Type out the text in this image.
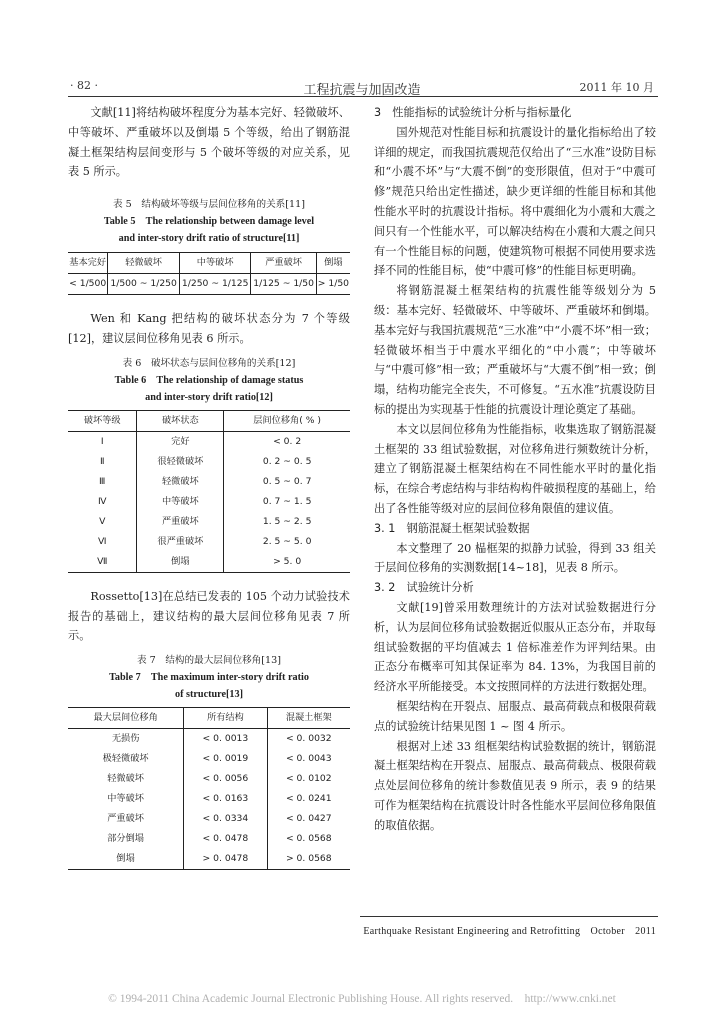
· 82 ·	工程抗震与加固改造	2011 年 10 月

文献[11]将结构破坏程度分为基本完好、轻微破坏、中等破坏、严重破坏以及倒塌 5 个等级，给出了钢筋混凝土框架结构层间变形与 5 个破坏等级的对应关系，见表 5 所示。

表 5　结构破坏等级与层间位移角的关系[11]

Table 5　The relationship between damage level

and inter-story drift ratio of structure[11]

基本完好	轻微破坏	中等破坏	严重破坏	倒塌
< 1/500	1/500 ~ 1/250	1/250 ~ 1/125	1/125 ~ 1/50	> 1/50

Wen 和 Kang 把结构的破坏状态分为 7 个等级[12]，建议层间位移角见表 6 所示。

表 6　破坏状态与层间位移角的关系[12]

Table 6　The relationship of damage status

and inter-story drift ratio[12]

破坏等级	破坏状态	层间位移角( % )
Ⅰ	完好	< 0. 2
Ⅱ	很轻微破坏	0. 2 ~ 0. 5
Ⅲ	轻微破坏	0. 5 ~ 0. 7
Ⅳ	中等破坏	0. 7 ~ 1. 5
Ⅴ	严重破坏	1. 5 ~ 2. 5
Ⅵ	很严重破坏	2. 5 ~ 5. 0
Ⅶ	倒塌	> 5. 0

Rossetto[13]在总结已发表的 105 个动力试验技术报告的基础上，建议结构的最大层间位移角见表 7 所示。

表 7　结构的最大层间位移角[13]

Table 7　The maximum inter-story drift ratio

of structure[13]

最大层间位移角	所有结构	混凝土框架
无损伤	< 0. 0013	< 0. 0032
极轻微破坏	< 0. 0019	< 0. 0043
轻微破坏	< 0. 0056	< 0. 0102
中等破坏	< 0. 0163	< 0. 0241
严重破坏	< 0. 0334	< 0. 0427
部分倒塌	< 0. 0478	< 0. 0568
倒塌	> 0. 0478	> 0. 0568

3　性能指标的试验统计分析与指标量化

国外规范对性能目标和抗震设计的量化指标给出了较详细的规定，而我国抗震规范仅给出了“三水准”设防目标和“小震不坏”与“大震不倒”的变形限值，但对于“中震可修”规范只给出定性描述，缺少更详细的性能目标和其他性能水平时的抗震设计指标。将中震细化为小震和大震之间只有一个性能水平，可以解决结构在小震和大震之间只有一个性能目标的问题，使建筑物可根据不同使用要求选择不同的性能目标，使“中震可修”的性能目标更明确。

将钢筋混凝土框架结构的抗震性能等级划分为 5 级：基本完好、轻微破坏、中等破坏、严重破坏和倒塌。基本完好与我国抗震规范“三水准”中“小震不坏”相一致；轻微破坏相当于中震水平细化的“中小震”；中等破坏与“中震可修”相一致；严重破坏与“大震不倒”相一致；倒塌，结构功能完全丧失，不可修复。“五水准”抗震设防目标的提出为实现基于性能的抗震设计理论奠定了基础。

本文以层间位移角为性能指标，收集选取了钢筋混凝土框架的 33 组试验数据，对位移角进行频数统计分析，建立了钢筋混凝土框架结构在不同性能水平时的量化指标，在综合考虑结构与非结构构件破损程度的基础上，给出了各性能等级对应的层间位移角限值的建议值。

3. 1　钢筋混凝土框架试验数据

本文整理了 20 榀框架的拟静力试验，得到 33 组关于层间位移角的实测数据[14~18]，见表 8 所示。

3. 2　试验统计分析

文献[19]曾采用数理统计的方法对试验数据进行分析，认为层间位移角试验数据近似服从正态分布，并取每组试验数据的平均值减去 1 倍标准差作为评判结果。由正态分布概率可知其保证率为 84. 13%，为我国目前的经济水平所能接受。本文按照同样的方法进行数据处理。

框架结构在开裂点、屈服点、最高荷载点和极限荷载点的试验统计结果见图 1 ~ 图 4 所示。

根据对上述 33 组框架结构试验数据的统计，钢筋混凝土框架结构在开裂点、屈服点、最高荷载点、极限荷载点处层间位移角的统计参数值见表 9 所示，表 9 的结果可作为框架结构在抗震设计时各性能水平层间位移角限值的取值依据。

Earthquake Resistant Engineering and Retrofitting　October　2011
© 1994-2011 China Academic Journal Electronic Publishing House. All rights reserved.　http://www.cnki.net
